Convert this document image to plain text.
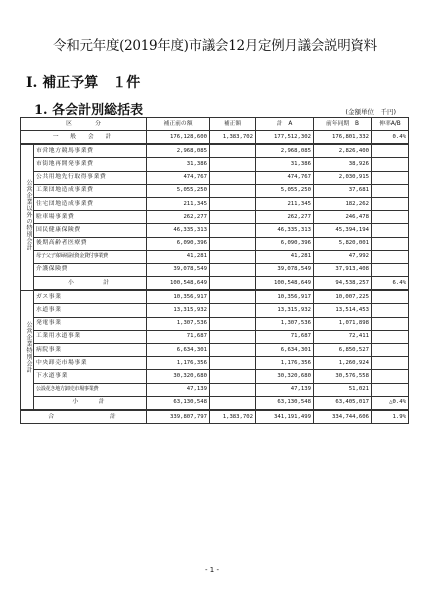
令和元年度(2019年度)市議会12月定例月議会説明資料
Ⅰ. 補正予算　１件
1. 各会計別総括表	(金額単位　千円)
区　　　　分		補正前の額	補正額	計　A	前年同期　B	伸率A/B
一　般　会　計		176,128,600	1,383,702	177,512,302	176,801,332	0.4%
公営企業以外の特別会計	市営地方競馬事業費	2,968,085		2,968,085	2,826,400	
	市街地再開発事業費	31,386		31,386	38,926	
	公共用地先行取得事業費	474,767		474,767	2,030,915	
	工業団地造成事業費	5,055,250		5,055,250	37,681	
	住宅団地造成事業費	211,345		211,345	182,262	
	駐車場事業費	262,277		262,277	246,478	
	国民健康保険費	46,335,313		46,335,313	45,394,194	
	後期高齢者医療費	6,090,396		6,090,396	5,820,001	
	母子父子寡婦福祉資金貸付事業費	41,281		41,281	47,992	
	介護保険費	39,078,549		39,078,549	37,913,408	
	小　　　計	100,548,649		100,548,649	94,538,257	6.4%
公営企業特別会計	ガス事業	10,356,917		10,356,917	10,007,225	
	水道事業	13,315,932		13,315,932	13,514,453	
	発電事業	1,307,536		1,307,536	1,071,898	
	工業用水道事業	71,687		71,687	72,411	
	病院事業	6,634,301		6,634,301	6,850,527	
	中央卸売市場事業	1,176,356		1,176,356	1,260,924	
	下水道事業	30,320,680		30,320,680	30,576,558	
	公設花き地方卸売市場事業費	47,139		47,139	51,021	
	小　　計	63,130,548		63,130,548	63,405,017	△0.4%
合　　　　　　計		339,807,797	1,383,702	341,191,499	334,744,606	1.9%
- 1 -
